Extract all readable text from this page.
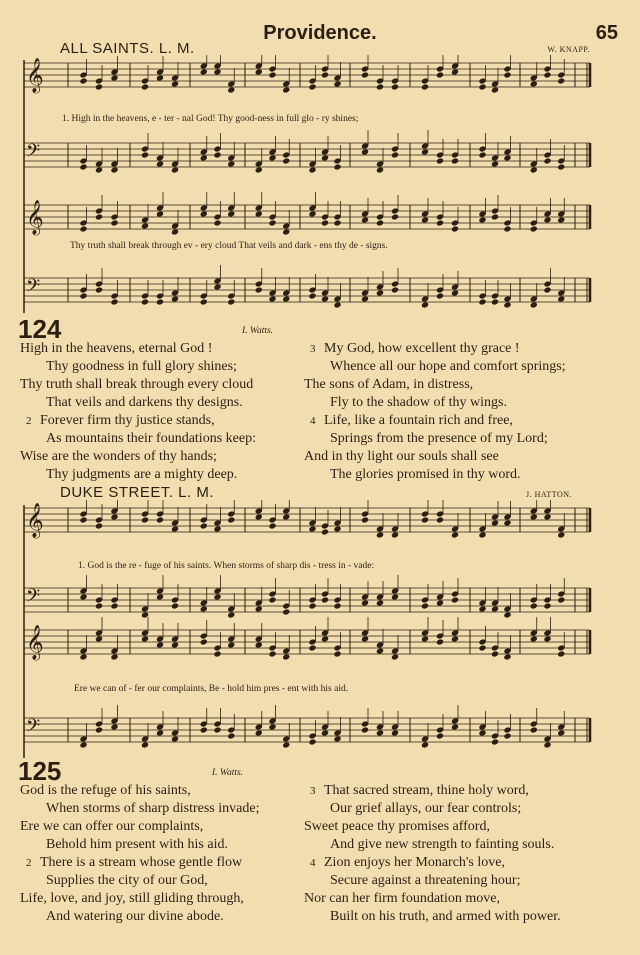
Providence.	65
ALL SAINTS. L. M.	W. KNAPP.
𝄞
𝄢
𝄞
𝄢
1. High in the heavens, e - ter - nal God! Thy good-ness in full glo - ry shines;
Thy truth shall break through ev - ery cloud That veils and dark - ens thy de - signs.
124	I. Watts.
High in the heavens, eternal God !
Thy goodness in full glory shines;
Thy truth shall break through every cloud
That veils and darkens thy designs.
2 Forever firm thy justice stands,
As mountains their foundations keep:
Wise are the wonders of thy hands;
Thy judgments are a mighty deep.
3 My God, how excellent thy grace !
Whence all our hope and comfort springs;
The sons of Adam, in distress,
Fly to the shadow of thy wings.
4 Life, like a fountain rich and free,
Springs from the presence of my Lord;
And in thy light our souls shall see
The glories promised in thy word.
DUKE STREET. L. M.	J. HATTON.
𝄞
𝄢
𝄞
𝄢
1. God is the re - fuge of his saints. When storms of sharp dis - tress in - vade:
Ere we can of - fer our complaints, Be - hold him pres - ent with his aid.
125	I. Watts.
God is the refuge of his saints,
When storms of sharp distress invade;
Ere we can offer our complaints,
Behold him present with his aid.
2 There is a stream whose gentle flow
Supplies the city of our God,
Life, love, and joy, still gliding through,
And watering our divine abode.
3 That sacred stream, thine holy word,
Our grief allays, our fear controls;
Sweet peace thy promises afford,
And give new strength to fainting souls.
4 Zion enjoys her Monarch's love,
Secure against a threatening hour;
Nor can her firm foundation move,
Built on his truth, and armed with power.
